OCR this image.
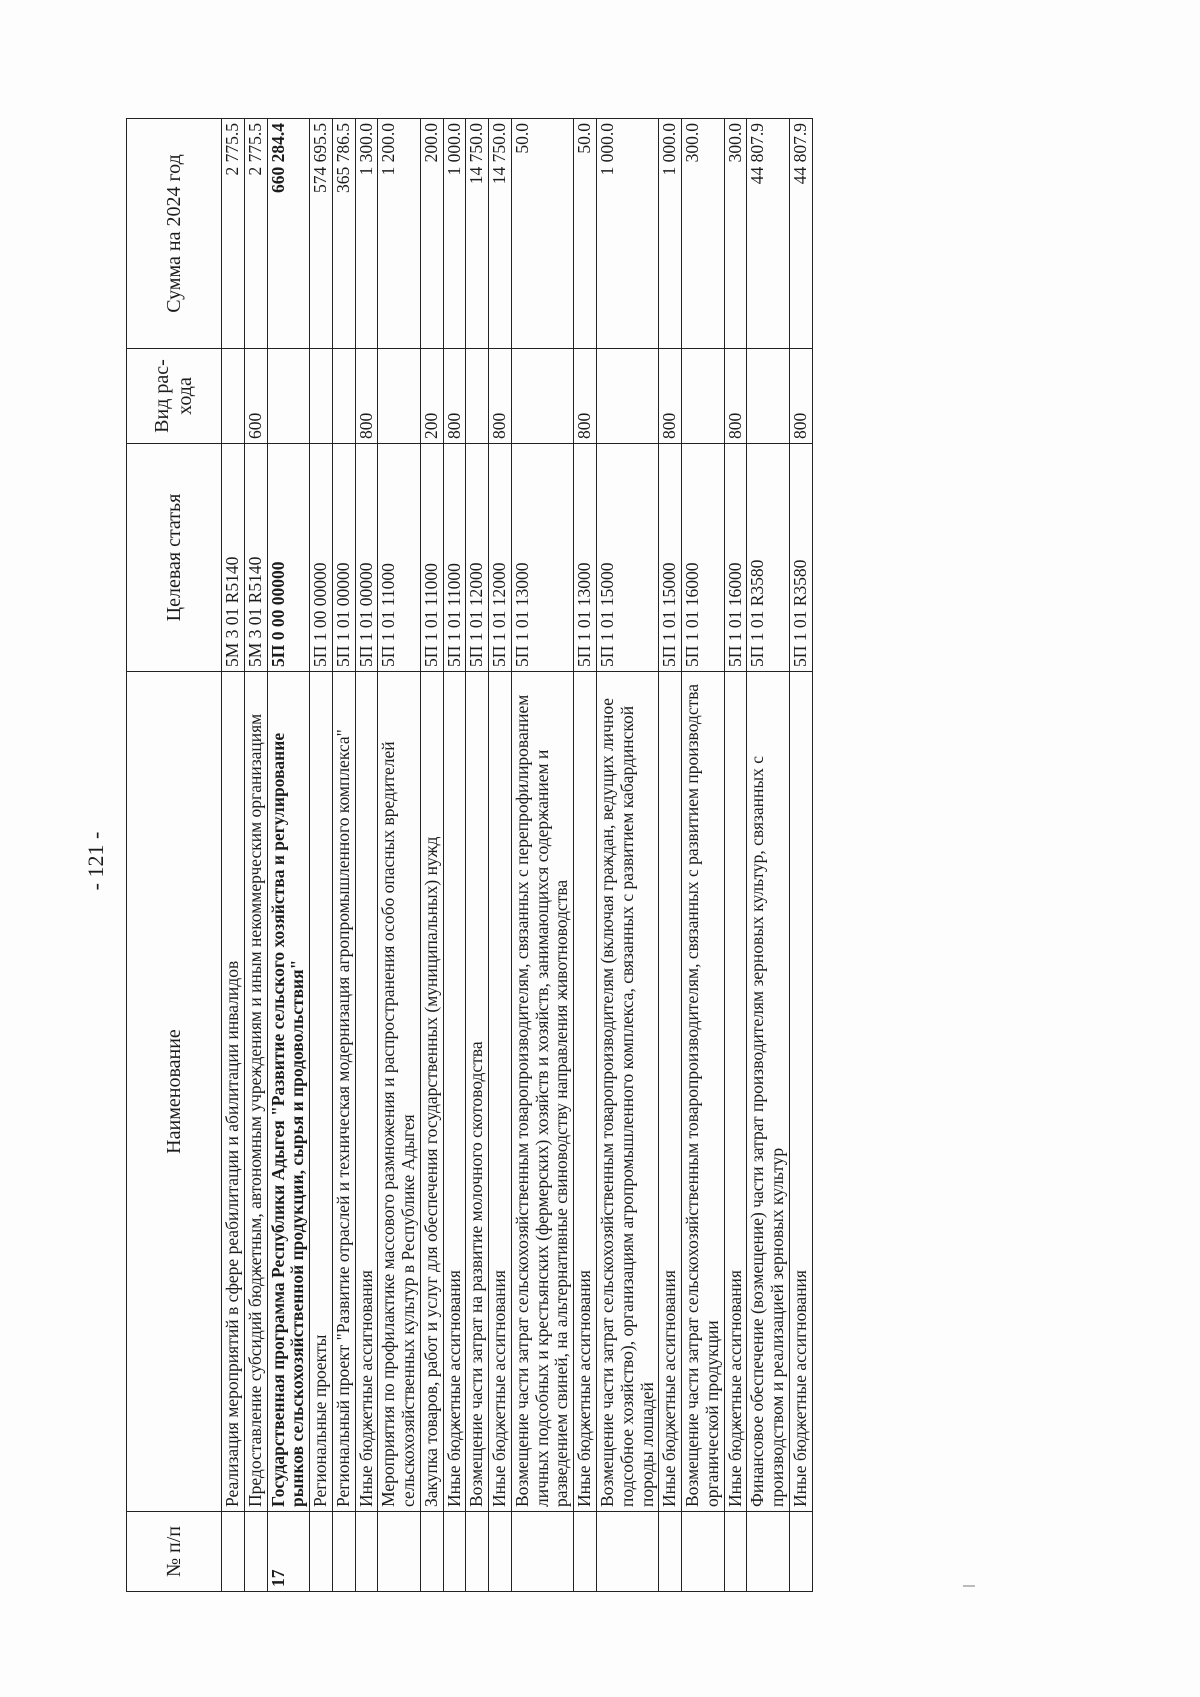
- 121 -
№ п/п	Наименование	Целевая статья	Вид рас-хода	Сумма на 2024 год
	Реализация мероприятий в сфере реабилитации и абилитации инвалидов	5М 3 01 R5140		2 775.5
	Предоставление субсидий бюджетным, автономным учреждениям и иным некоммерческим организациям	5М 3 01 R5140	600	2 775.5
17	Государственная программа Республики Адыгея "Развитие сельского хозяйства и регулирование рынков сельскохозяйственной продукции, сырья и продовольствия"	5П 0 00 00000		660 284.4
	Региональные проекты	5П 1 00 00000		574 695.5
	Региональный проект "Развитие отраслей и техническая модернизация агропромышленного комплекса"	5П 1 01 00000		365 786.5
	Иные бюджетные ассигнования	5П 1 01 00000	800	1 300.0
	Мероприятия по профилактике массового размножения и распространения особо опасных вредителей сельскохозяйственных культур в Республике Адыгея	5П 1 01 11000		1 200.0
	Закупка товаров, работ и услуг для обеспечения государственных (муниципальных) нужд	5П 1 01 11000	200	200.0
	Иные бюджетные ассигнования	5П 1 01 11000	800	1 000.0
	Возмещение части затрат на развитие молочного скотоводства	5П 1 01 12000		14 750.0
	Иные бюджетные ассигнования	5П 1 01 12000	800	14 750.0
	Возмещение части затрат сельскохозяйственным товаропроизводителям, связанных с перепрофилированием личных подсобных и крестьянских (фермерских) хозяйств и хозяйств, занимающихся содержанием и разведением свиней, на альтернативные свиноводству направления животноводства	5П 1 01 13000		50.0
	Иные бюджетные ассигнования	5П 1 01 13000	800	50.0
	Возмещение части затрат сельскохозяйственным товаропроизводителям (включая граждан, ведущих личное подсобное хозяйство), организациям агропромышленного комплекса, связанных с развитием кабардинской породы лошадей	5П 1 01 15000		1 000.0
	Иные бюджетные ассигнования	5П 1 01 15000	800	1 000.0
	Возмещение части затрат сельскохозяйственным товаропроизводителям, связанных с развитием производства органической продукции	5П 1 01 16000		300.0
	Иные бюджетные ассигнования	5П 1 01 16000	800	300.0
	Финансовое обеспечение (возмещение) части затрат производителям зерновых культур, связанных с производством и реализацией зерновых культур	5П 1 01 R3580		44 807.9
	Иные бюджетные ассигнования	5П 1 01 R3580	800	44 807.9
